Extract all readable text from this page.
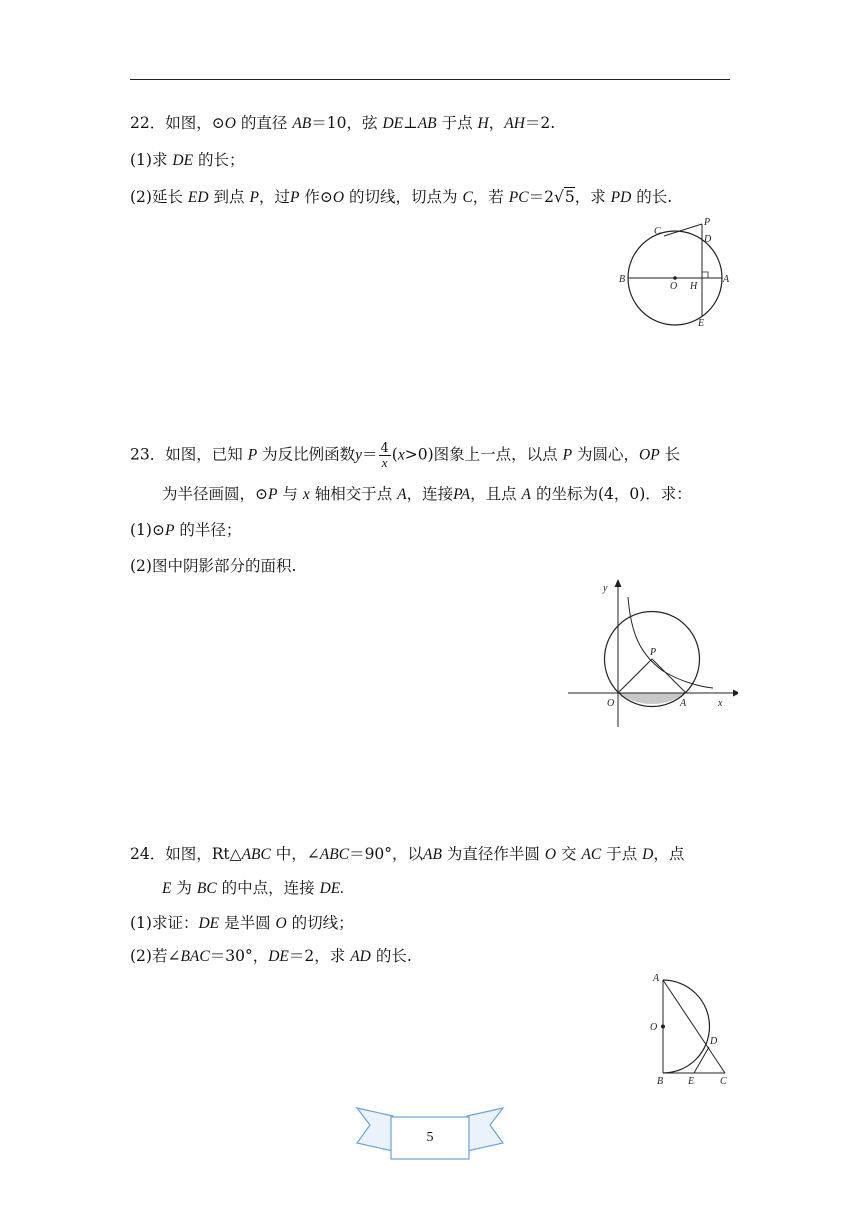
22．如图，⊙O 的直径 AB＝10，弦 DE⊥AB 于点 H，AH＝2.
(1)求 DE 的长；
(2)延长 ED 到点 P，过P 作⊙O 的切线，切点为 C，若 PC＝2√5，求 PD 的长.
B
O H
A
C
P
D
E
23．如图，已知 P 为反比例函数$y= \frac{4}{x} (x>0)$图象上一点，以点 P 为圆心，OP 长
为半径画圆，⊙P 与 x 轴相交于点 A，连接PA，且点 A 的坐标为(4，0)．求：
(1)⊙P 的半径；
(2)图中阴影部分的面积.
y
x
O	A
P
24．如图，Rt△ABC 中，∠ABC＝90°，以AB 为直径作半圆 O 交 AC 于点 D，点
E 为 BC 的中点，连接 DE.
(1)求证：DE 是半圆 O 的切线；
(2)若∠BAC＝30°，DE＝2，求 AD 的长.
A
O
D
B E	C
5
